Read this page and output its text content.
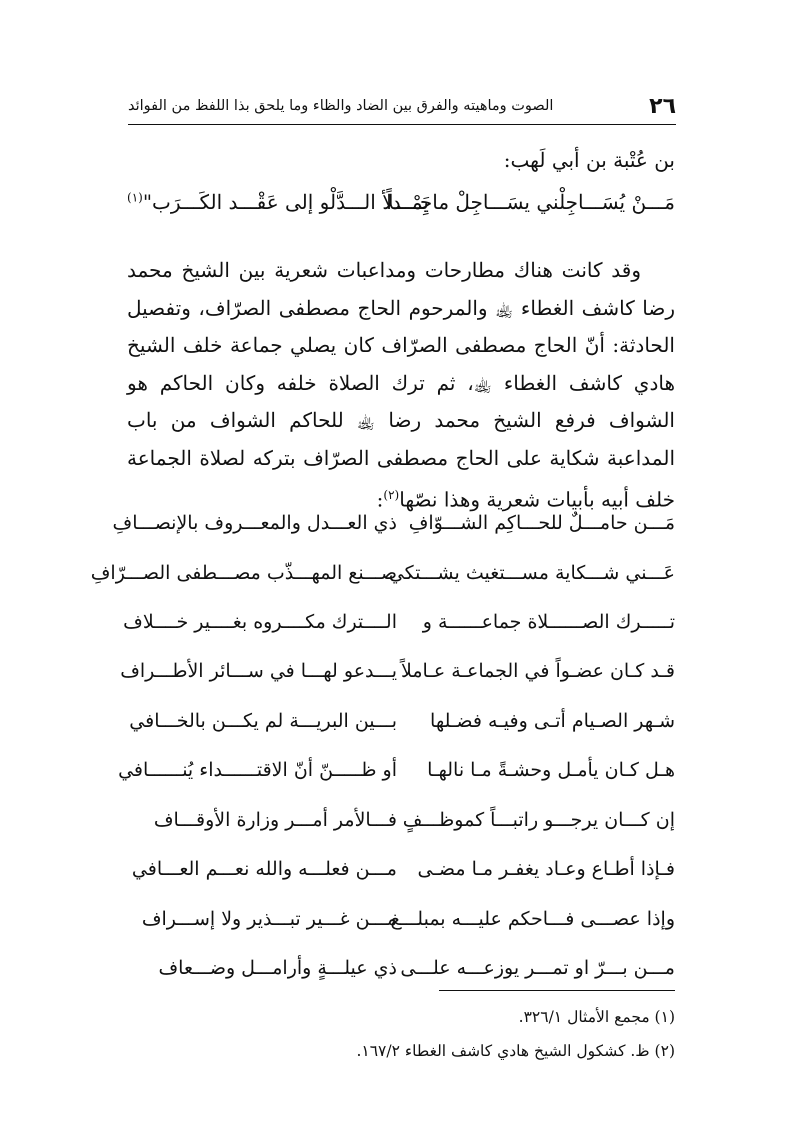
٢٦
الصوت وماهيته والفرق بين الضاد والظاء وما يلحق بذا اللفظ من الفوائد
بن عُتْبة بن أبي لَهب:
مَـــنْ يُسَـــاجِلْني يسَـــاجِلْ ماجِـــداً
يَمْـــلأ الـــدَّلْو إلى عَقْـــد الكَـــرَب"$^{(١)}$

وقد كانت هناك مطارحات ومداعبات شعرية بين الشيخ محمد رضا كاشف الغطاء ﵀ والمرحوم الحاج مصطفى الصرّاف، وتفصيل الحادثة: أنّ الحاج مصطفى الصرّاف كان يصلي جماعة خلف الشيخ هادي كاشف الغطاء ﵀، ثم ترك الصلاة خلفه وكان الحاكم هو الشواف فرفع الشيخ محمد رضا ﵀ للحاكم الشواف من باب المداعبة شكاية على الحاج مصطفى الصرّاف بتركه لصلاة الجماعة خلف أبيه بأبيات شعرية وهذا نصّها$^{(٢)}$:

مَـــن حامـــلٌ للحـــاكِم الشـــوّافِ
ذي العـــدل والمعـــروف بالإنصـــافِ
عَـــني شـــكاية مســـتغيث يشـــتكي
صـــنع المهـــذّب مصـــطفى الصـــرّافِ
تـــــرك الصــــــلاة جماعــــــة و
الــــترك مكــــروه بغــــير خــــلاف
قـد كـان عضـواً في الجماعـة عـاملاً
يـــدعو لهـــا في ســـائر الأطـــراف
شـهر الصـيام أتـى وفيـه فضـلها
بـــين البريـــة لم يكـــن بالخـــافي
هـل كـان يأمـل وحشـةً مـا نالهـا
أو ظـــــنّ أنّ الاقتــــــداء يُنــــــافي
إن كـــان يرجـــو راتبـــاً كموظـــفٍ
فـــالأمر أمـــر وزارة الأوقـــاف
فـإذا أطـاع وعـاد يغفـر مـا مضـى
مـــن فعلـــه والله نعـــم العـــافي
وإذا عصـــى فـــاحكم عليـــه بمبلـــغ
مـــن غـــير تبـــذير ولا إســـراف
مـــن بـــرّ او تمـــر يوزعـــه علـــى
ذي عيلـــةٍ وأرامـــل وضـــعاف
(١) مجمع الأمثال ٣٢٦/١.
(٢) ظ. كشكول الشيخ هادي كاشف الغطاء ١٦٧/٢.
